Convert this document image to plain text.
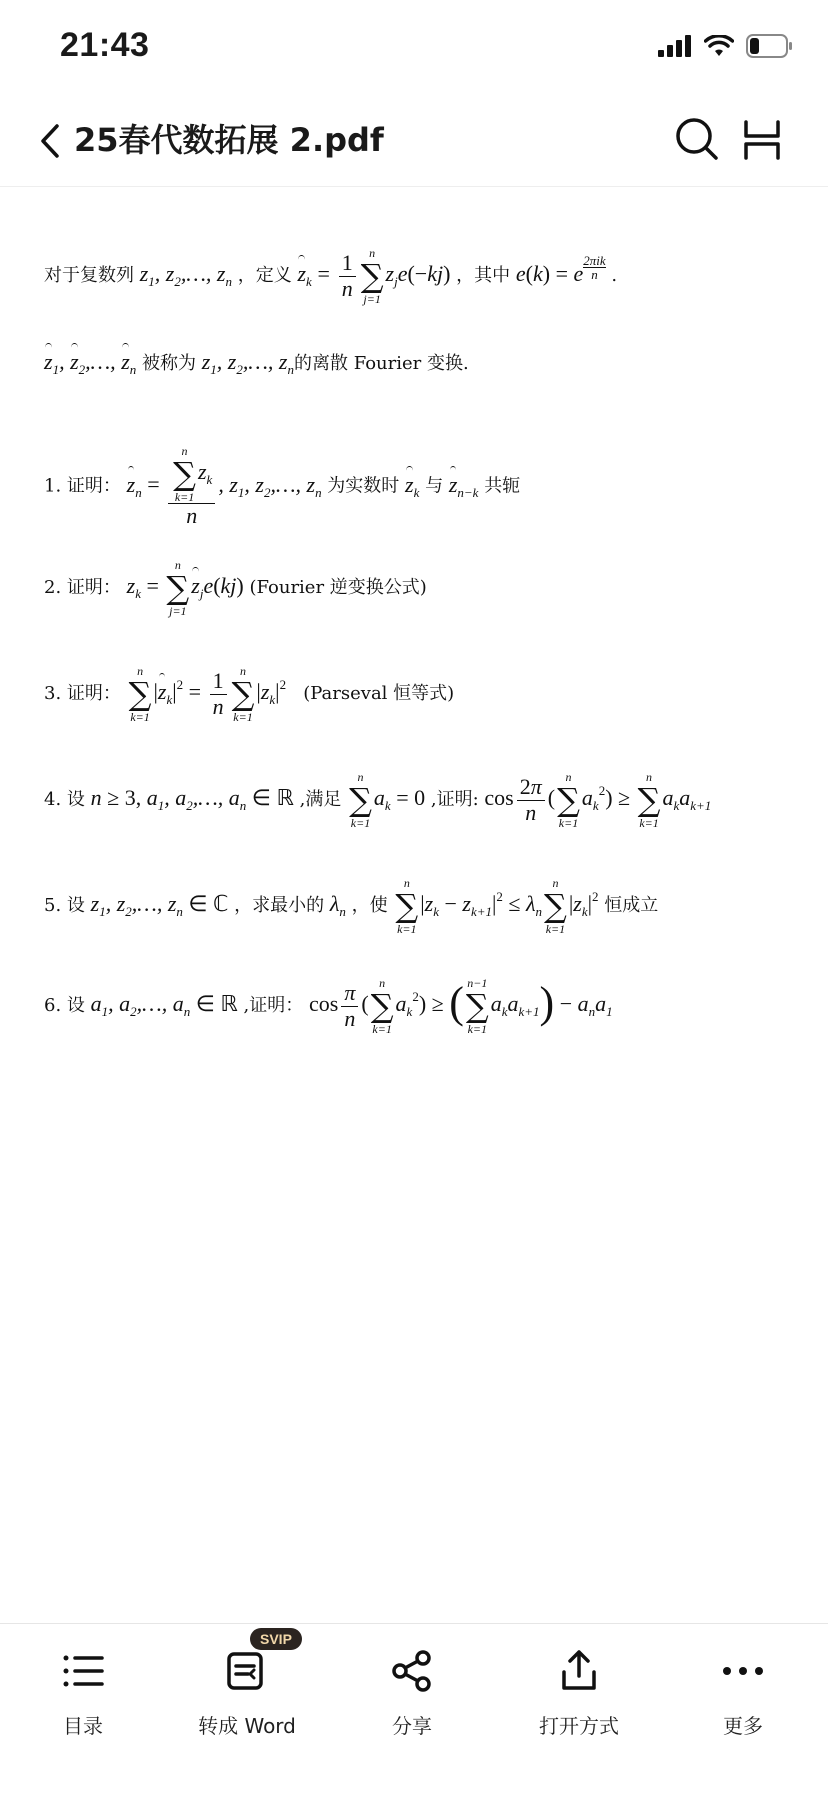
21:43
25春代数拓展 2.pdf
对于复数列 $z_1$, $z_2,\dots$, $z_n$ ，定义 $z_k = \frac{1}{n}$ n
∑
j=1
$z_je(-kj)$ ，其中 e(k) = e
2πik
n .
$z_1$, $z_2,\dots$, $z_n$ 被称为 $z_1$, $z_2,\dots$, $z_n$的离散 Fourier 变换.
1. 证明： $z_n = n$
∑
k=1
$z_k$
n , $z_1$, $z_2,\dots$, $z_n$ 为实数时 $z_k$ 与 $z_{n-k}$ 共轭
2. 证明： $z_k$ =
n
∑
j=1
$z_je(kj)$ (Fourier 逆变换公式)
3. 证明：
n
∑
k=1
$|z_k|^2 = \frac{1}{n}$ n
∑
k=1
$|z_k|^2$ (Parseval 恒等式)
4. 设 n ≥ 3, $a_1$, $a_2,\dots$, $a_n$ ∈ ℝ ,满足
n
∑
k=1
$a_k = 0$ ,证明: $\cos \frac{2\pi}{n}$ (
n
∑
k=1
$a_k^2$) ≥
n
∑
k=1
$a_ka_{k+1}$
5. 设 $z_1$, $z_2,\dots$, $z_n$ ∈ ℂ ，求最小的 $\lambda_n$ ，使
n
∑
k=1
$|z_k - z_{k+1}|^2 \le \lambda_n$
n
∑
k=1
$|z_k|^2$ 恒成立
6. 设 $a_1$, $a_2,\dots$, $a_n$ ∈ ℝ ,证明： $\cos \frac{\pi}{n}$ (
n
∑
k=1
$a_k^2$) ≥ ( n−1
∑
k=1
$a_ka_{k+1}) - a_na_1$
目录	转成 Word
SVIP
分享	打开方式	更多
